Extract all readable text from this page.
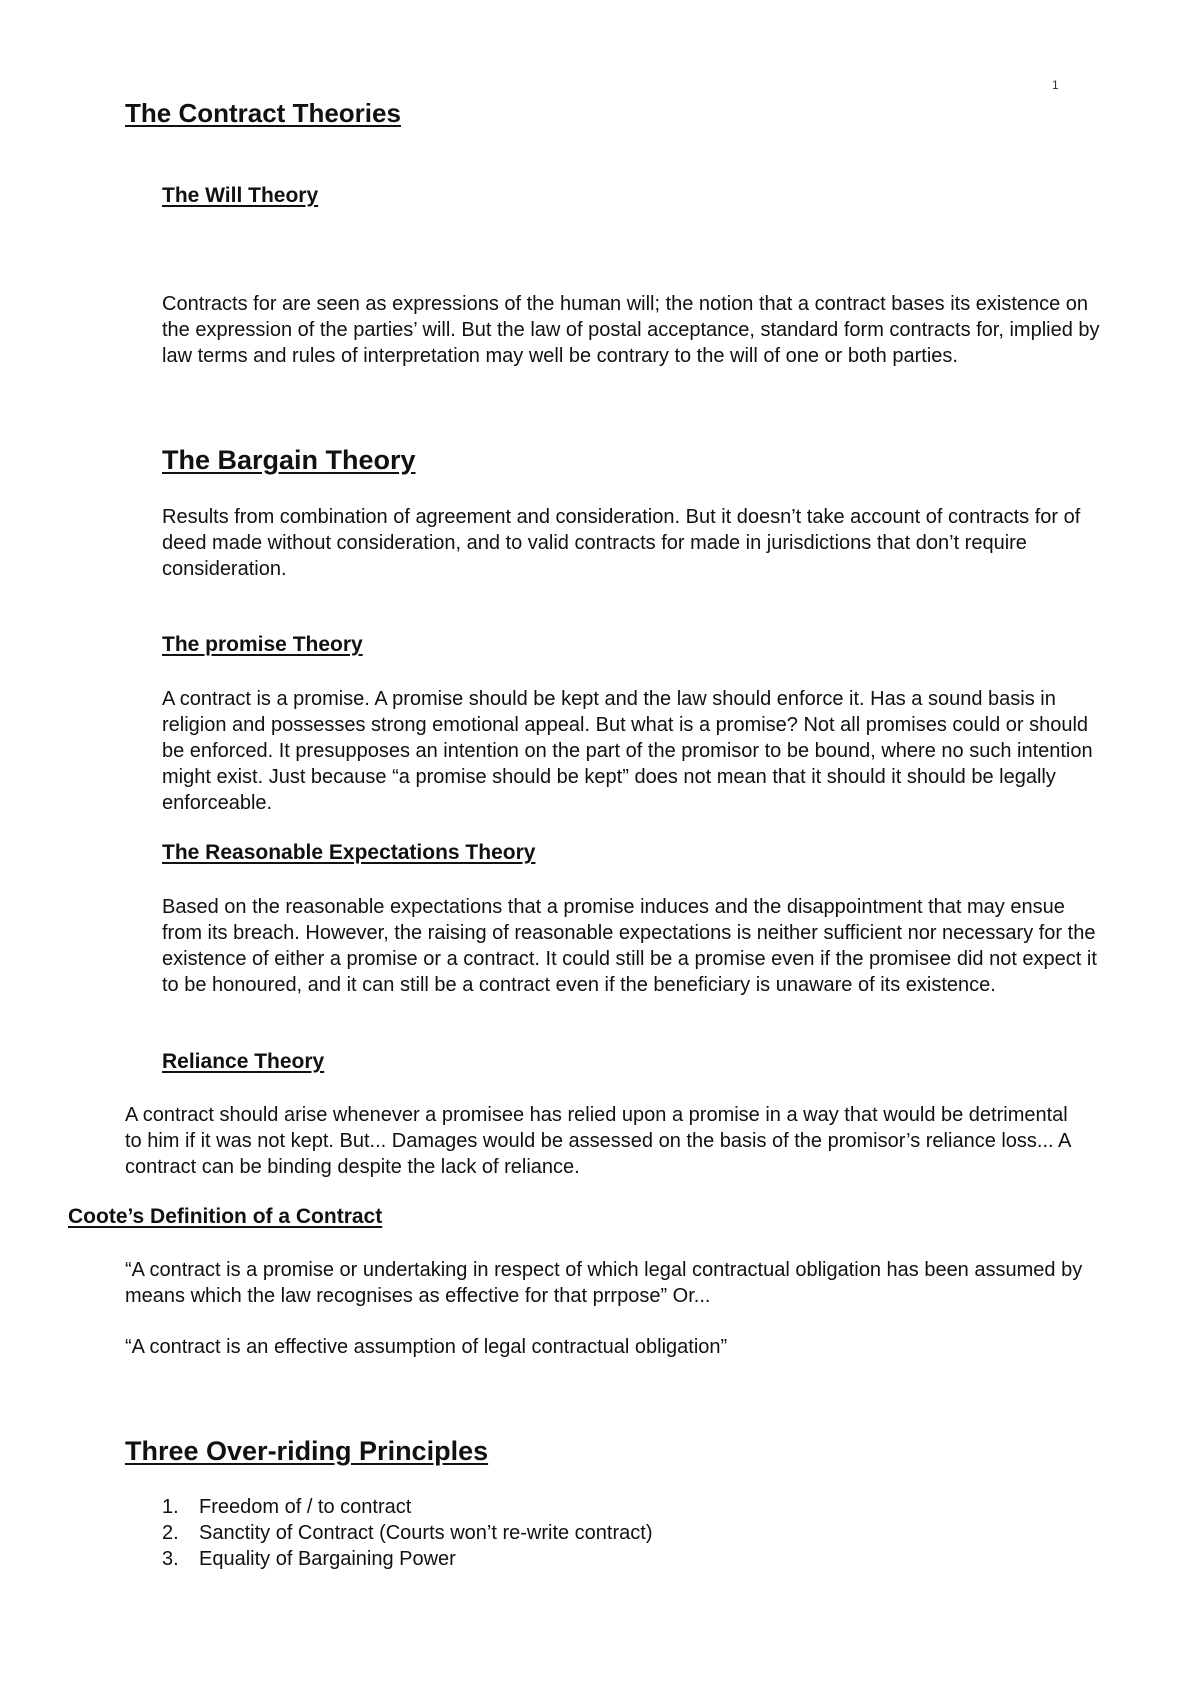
1
The Contract Theories
The Will Theory

Contracts for are seen as expressions of the human will; the notion that a contract bases its existence on the expression of the parties’ will. But the law of postal acceptance, standard form contracts for, implied by law terms and rules of interpretation may well be contrary to the will of one or both parties.

The Bargain Theory

Results from combination of agreement and consideration. But it doesn’t take account of contracts for of deed made without consideration, and to valid contracts for made in jurisdictions that don’t require consideration.

The promise Theory

A contract is a promise. A promise should be kept and the law should enforce it. Has a sound basis in religion and possesses strong emotional appeal. But what is a promise? Not all promises could or should be enforced. It presupposes an intention on the part of the promisor to be bound, where no such intention might exist. Just because “a promise should be kept” does not mean that it should it should be legally enforceable.

The Reasonable Expectations Theory

Based on the reasonable expectations that a promise induces and the disappointment that may ensue from its breach. However, the raising of reasonable expectations is neither sufficient nor necessary for the existence of either a promise or a contract. It could still be a promise even if the promisee did not expect it to be honoured, and it can still be a contract even if the beneficiary is unaware of its existence.

Reliance Theory

A contract should arise whenever a promisee has relied upon a promise in a way that would be detrimental to him if it was not kept. But... Damages would be assessed on the basis of the promisor’s reliance loss... A contract can be binding despite the lack of reliance.

Coote’s Definition of a Contract

“A contract is a promise or undertaking in respect of which legal contractual obligation has been assumed by means which the law recognises as effective for that prrpose” Or...

“A contract is an effective assumption of legal contractual obligation”

Three Over-riding Principles
1. Freedom of / to contract
2. Sanctity of Contract (Courts won’t re-write contract)
3. Equality of Bargaining Power
